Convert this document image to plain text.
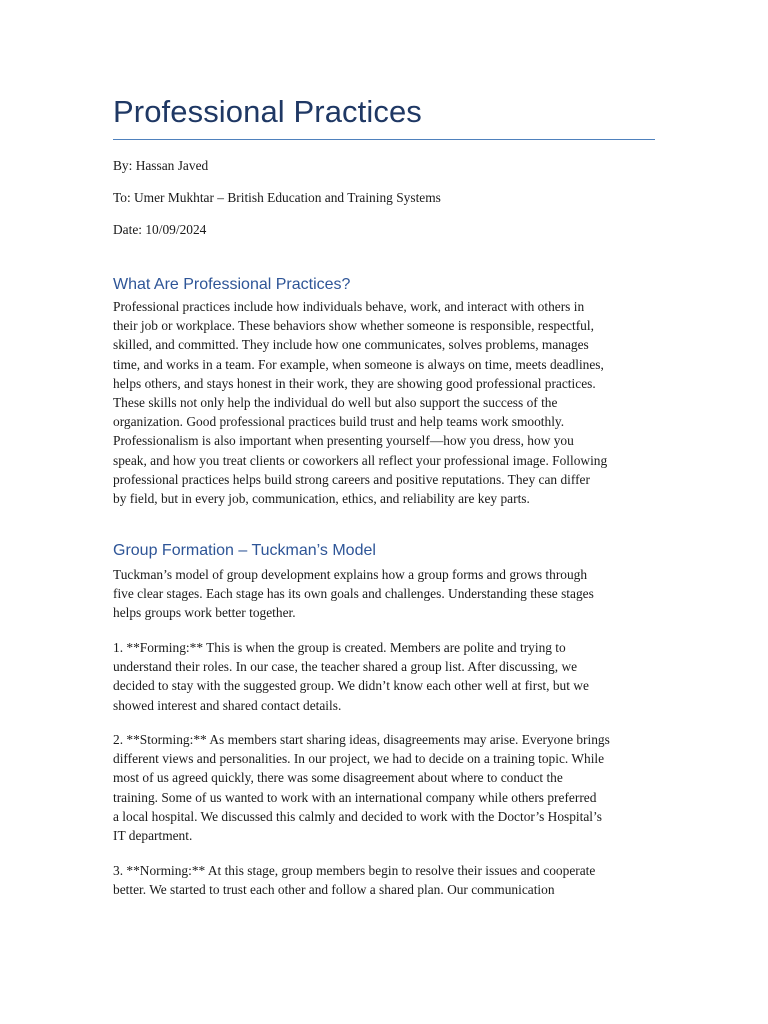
Professional Practices
By: Hassan Javed
To: Umer Mukhtar – British Education and Training Systems
Date: 10/09/2024
What Are Professional Practices?
Professional practices include how individuals behave, work, and interact with others in
their job or workplace. These behaviors show whether someone is responsible, respectful,
skilled, and committed. They include how one communicates, solves problems, manages
time, and works in a team. For example, when someone is always on time, meets deadlines,
helps others, and stays honest in their work, they are showing good professional practices.
These skills not only help the individual do well but also support the success of the
organization. Good professional practices build trust and help teams work smoothly.
Professionalism is also important when presenting yourself—how you dress, how you
speak, and how you treat clients or coworkers all reflect your professional image. Following
professional practices helps build strong careers and positive reputations. They can differ
by field, but in every job, communication, ethics, and reliability are key parts.
Group Formation – Tuckman’s Model
Tuckman’s model of group development explains how a group forms and grows through
five clear stages. Each stage has its own goals and challenges. Understanding these stages
helps groups work better together.
1. **Forming:** This is when the group is created. Members are polite and trying to
understand their roles. In our case, the teacher shared a group list. After discussing, we
decided to stay with the suggested group. We didn’t know each other well at first, but we
showed interest and shared contact details.
2. **Storming:** As members start sharing ideas, disagreements may arise. Everyone brings
different views and personalities. In our project, we had to decide on a training topic. While
most of us agreed quickly, there was some disagreement about where to conduct the
training. Some of us wanted to work with an international company while others preferred
a local hospital. We discussed this calmly and decided to work with the Doctor’s Hospital’s
IT department.
3. **Norming:** At this stage, group members begin to resolve their issues and cooperate
better. We started to trust each other and follow a shared plan. Our communication
